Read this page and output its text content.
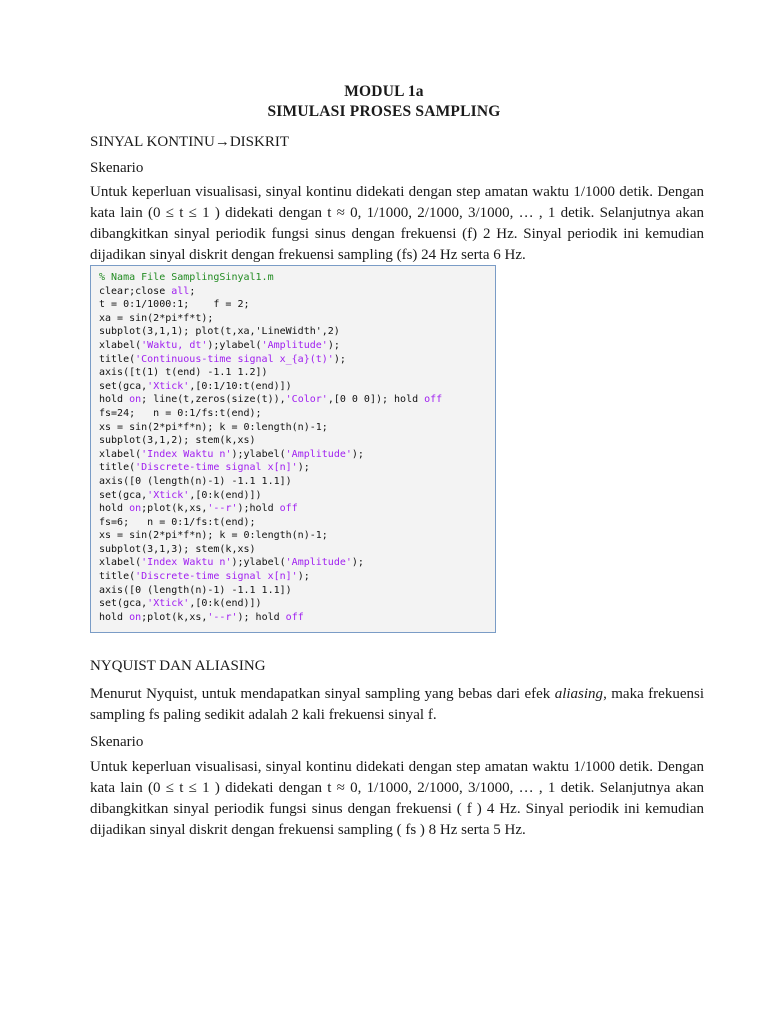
MODUL 1a
SIMULASI PROSES SAMPLING
SINYAL KONTINU→DISKRIT
Skenario
Untuk keperluan visualisasi, sinyal kontinu didekati dengan step amatan waktu 1/1000 detik. Dengan
kata lain (0 ≤ t ≤ 1 ) didekati dengan t ≈ 0, 1/1000, 2/1000, 3/1000, … , 1 detik. Selanjutnya akan
dibangkitkan sinyal periodik fungsi sinus dengan frekuensi (f) 2 Hz. Sinyal periodik ini kemudian
dijadikan sinyal diskrit dengan frekuensi sampling (fs) 24 Hz serta 6 Hz.
% Nama File SamplingSinyal1.m
clear;close all;
t = 0:1/1000:1;    f = 2;
xa = sin(2*pi*f*t);
subplot(3,1,1); plot(t,xa,'LineWidth',2)
xlabel('Waktu, dt');ylabel('Amplitude');
title('Continuous-time signal x_{a}(t)');
axis([t(1) t(end) -1.1 1.2])
set(gca,'Xtick',[0:1/10:t(end)])
hold on; line(t,zeros(size(t)),'Color',[0 0 0]); hold off
fs=24;   n = 0:1/fs:t(end);
xs = sin(2*pi*f*n); k = 0:length(n)-1;
subplot(3,1,2); stem(k,xs)
xlabel('Index Waktu n');ylabel('Amplitude');
title('Discrete-time signal x[n]');
axis([0 (length(n)-1) -1.1 1.1])
set(gca,'Xtick',[0:k(end)])
hold on;plot(k,xs,'--r');hold off
fs=6;   n = 0:1/fs:t(end);
xs = sin(2*pi*f*n); k = 0:length(n)-1;
subplot(3,1,3); stem(k,xs)
xlabel('Index Waktu n');ylabel('Amplitude');
title('Discrete-time signal x[n]');
axis([0 (length(n)-1) -1.1 1.1])
set(gca,'Xtick',[0:k(end)])
hold on;plot(k,xs,'--r'); hold off
NYQUIST DAN ALIASING
Menurut Nyquist, untuk mendapatkan sinyal sampling yang bebas dari efek aliasing, maka frekuensi
sampling fs paling sedikit adalah 2 kali frekuensi sinyal f.
Skenario
Untuk keperluan visualisasi, sinyal kontinu didekati dengan step amatan waktu 1/1000 detik. Dengan
kata lain (0 ≤ t ≤ 1 ) didekati dengan t ≈ 0, 1/1000, 2/1000, 3/1000, … , 1 detik. Selanjutnya akan
dibangkitkan sinyal periodik fungsi sinus dengan frekuensi ( f ) 4 Hz. Sinyal periodik ini kemudian
dijadikan sinyal diskrit dengan frekuensi sampling ( fs ) 8 Hz serta 5 Hz.
